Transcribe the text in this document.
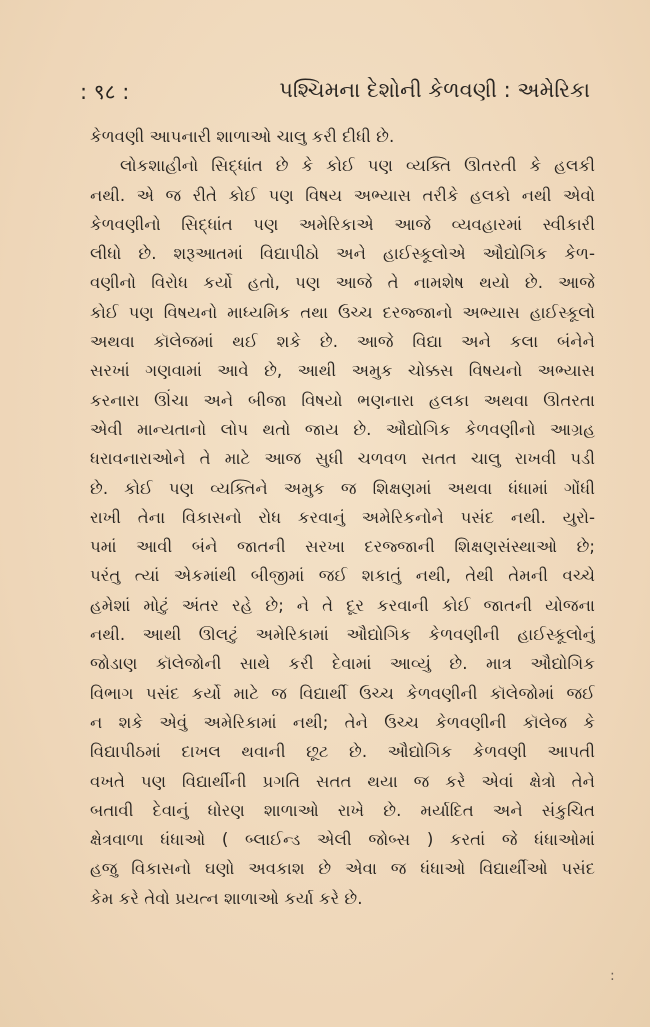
: ९८ :	પશ્ચિમના દેશોની કેળવણી : અમેરિકા
કેળવણી આપનારી શાળાઓ ચાલુ કરી દીધી છે.
લોકશાહીનો સિદ્ધાંત છે કે કોઈ પણ વ્યક્તિ ઊતરતી કે હલકી
નથી. એ જ રીતે કોઈ પણ વિષય અભ્યાસ તરીકે હલકો નથી એવો
કેળવણીનો સિદ્ધાંત પણ અમેરિકાએ આજે વ્યવહારમાં સ્વીકારી
લીધો છે. શરૂઆતમાં વિદ્યાપીઠો અને હાઈસ્કૂલોએ ઔદ્યોગિક કેળ-
વણીનો વિરોધ કર્યો હતો, પણ આજે તે નામશેષ થયો છે. આજે
કોઈ પણ વિષયનો માધ્યમિક તથા ઉચ્ચ દરજ્જાનો અભ્યાસ હાઈસ્કૂલો
અથવા કૉલેજમાં થઈ શકે છે. આજે વિદ્યા અને કલા બંનેને
સરખાં ગણવામાં આવે છે, આથી અમુક ચોક્કસ વિષયનો અભ્યાસ
કરનારા ઊંચા અને બીજા વિષયો ભણનારા હલકા અથવા ઊતરતા
એવી માન્યતાનો લોપ થતો જાય છે. ઔદ્યોગિક કેળવણીનો આગ્રહ
ધરાવનારાઓને તે માટે આજ સુધી ચળવળ સતત ચાલુ રાખવી પડી
છે. કોઈ પણ વ્યક્તિને અમુક જ શિક્ષણમાં અથવા ધંધામાં ગોંધી
રાખી તેના વિકાસનો રોધ કરવાનું અમેરિકનોને પસંદ નથી. યુરો-
પમાં આવી બંને જાતની સરખા દરજ્જાની શિક્ષણસંસ્થાઓ છે;
પરંતુ ત્યાં એકમાંથી બીજીમાં જઈ શકાતું નથી, તેથી તેમની વચ્ચે
હમેશાં મોટું અંતર રહે છે; ને તે દૂર કરવાની કોઈ જાતની યોજના
નથી. આથી ઊલટું અમેરિકામાં ઔદ્યોગિક કેળવણીની હાઈસ્કૂલોનું
જોડાણ કૉલેજોની સાથે કરી દેવામાં આવ્યું છે. માત્ર ઔદ્યોગિક
વિભાગ પસંદ કર્યો માટે જ વિદ્યાર્થી ઉચ્ચ કેળવણીની કૉલેજોમાં જઈ
ન શકે એવું અમેરિકામાં નથી; તેને ઉચ્ચ કેળવણીની કૉલેજ કે
વિદ્યાપીઠમાં દાખલ થવાની છૂટ છે. ઔદ્યોગિક કેળવણી આપતી
વખતે પણ વિદ્યાર્થીની પ્રગતિ સતત થયા જ કરે એવાં ક્ષેત્રો તેને
બતાવી દેવાનું ધોરણ શાળાઓ રાખે છે. મર્યાદિત અને સંકુચિત
ક્ષેત્રવાળા ધંધાઓ ( બ્લાઈન્ડ એલી જોબ્સ ) કરતાં જે ધંધાઓમાં
હજુ વિકાસનો ઘણો અવકાશ છે એવા જ ધંધાઓ વિદ્યાર્થીઓ પસંદ
કેમ કરે તેવો પ્રયત્ન શાળાઓ કર્યા કરે છે.
:
